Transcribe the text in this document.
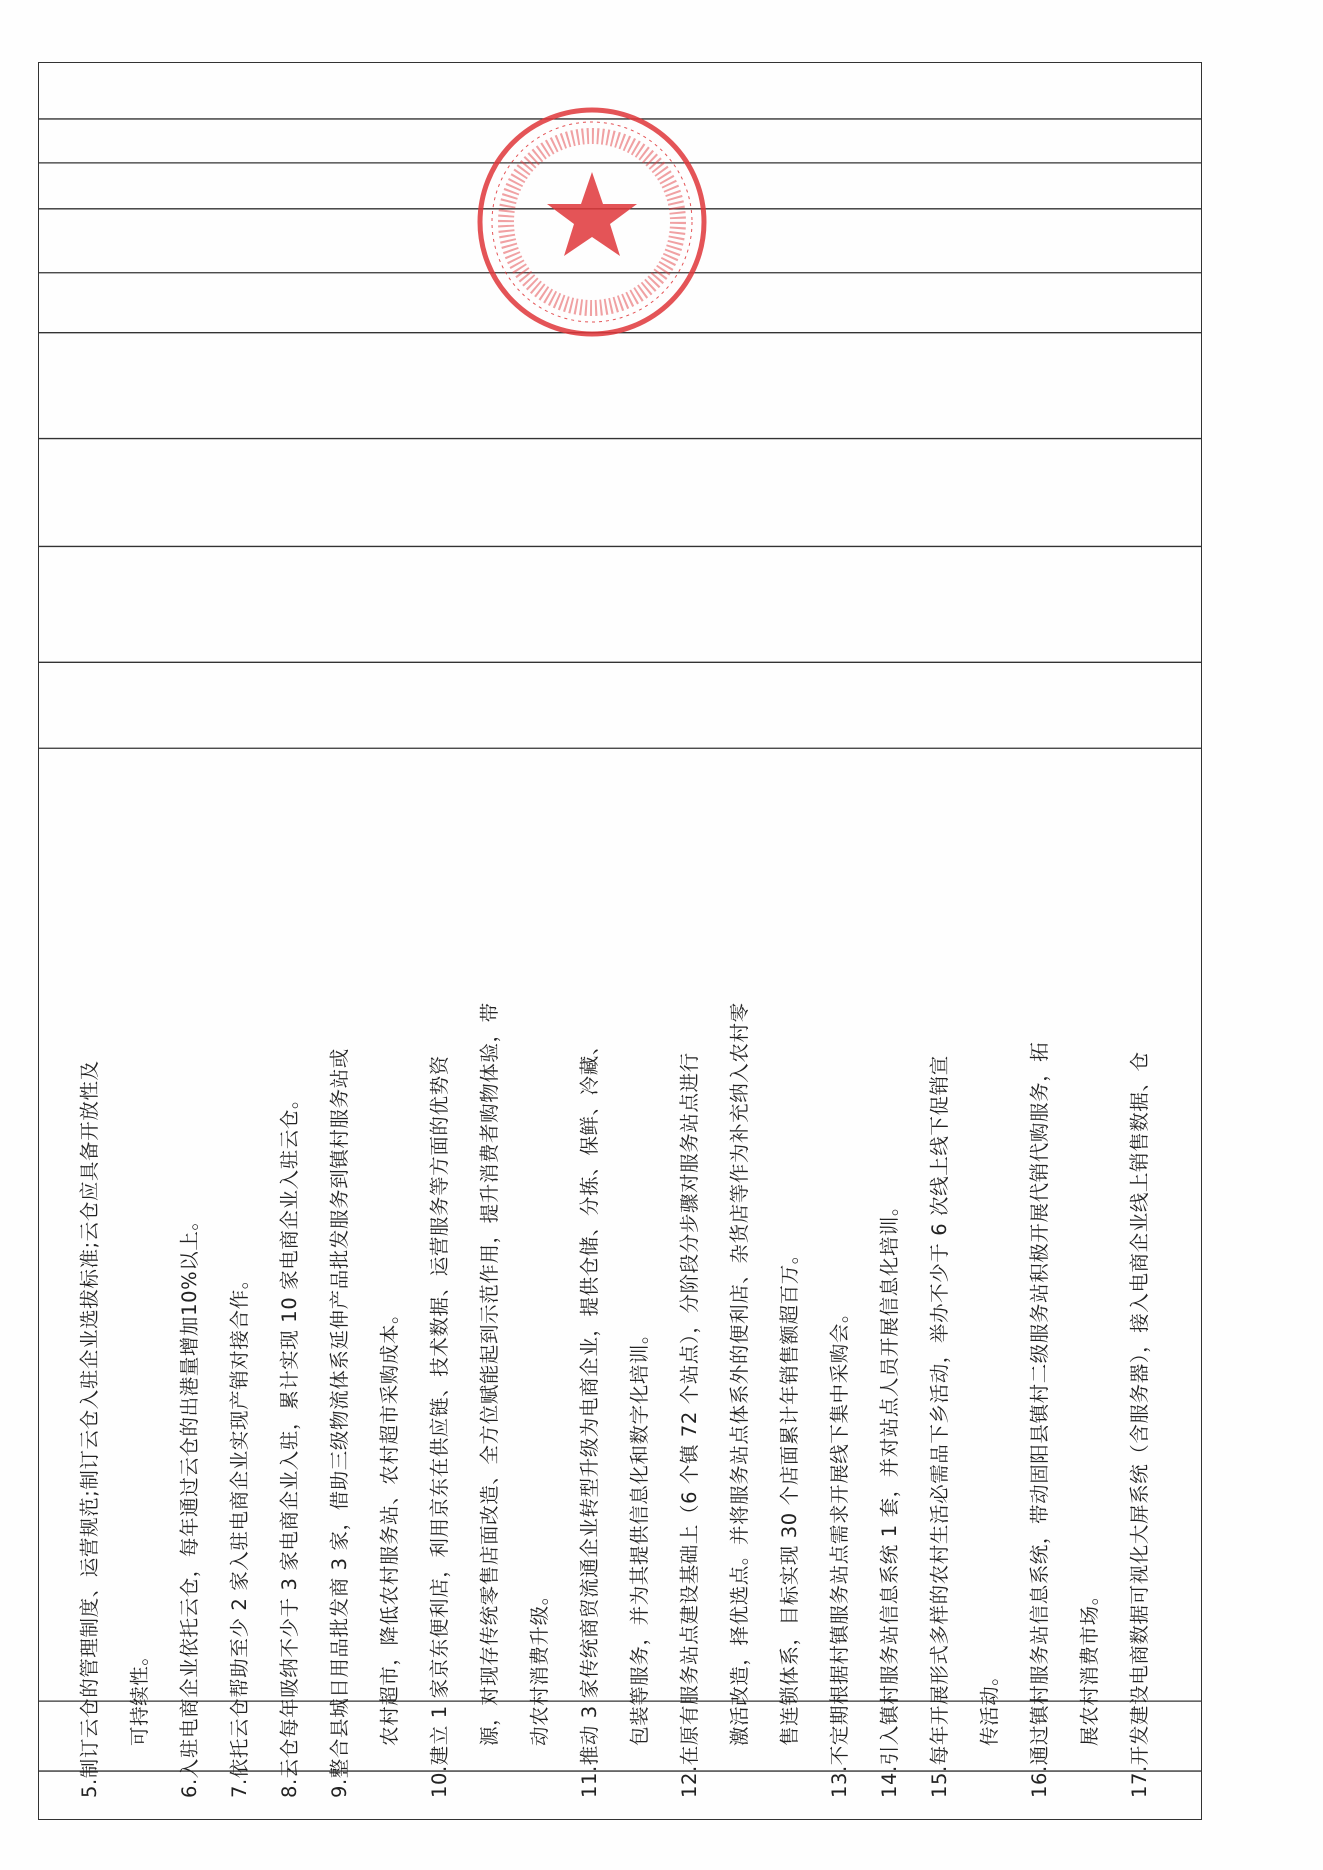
5.制订云仓的管理制度、运营规范;制订云仓入驻企业选拔标准;云仓应具备开放性及 可持续性。 6.入驻电商企业依托云仓，每年通过云仓的出港量增加10%以上。 7.依托云仓帮助至少 2 家入驻电商企业实现产销对接合作。 8.云仓每年吸纳不少于 3 家电商企业入驻，累计实现 10 家电商企业入驻云仓。 9.整合县城日用品批发商 3 家，借助三级物流体系延伸产品批发服务到镇村服务站或 农村超市，降低农村服务站、农村超市采购成本。 10.建立 1 家京东便利店，利用京东在供应链、技术数据、运营服务等方面的优势资 源，对现存传统零售店面改造、全方位赋能起到示范作用，提升消费者购物体验，带 动农村消费升级。 11.推动 3 家传统商贸流通企业转型升级为电商企业，提供仓储、分拣、保鲜、冷藏、 包装等服务，并为其提供信息化和数字化培训。 12.在原有服务站点建设基础上（6 个镇 72 个站点），分阶段分步骤对服务站点进行 激活改造，择优选点。并将服务站点体系外的便利店、杂货店等作为补充纳入农村零 售连锁体系，目标实现 30 个店面累计年销售额超百万。 13.不定期根据村镇服务站点需求开展线下集中采购会。 14.引入镇村服务站信息系统 1 套，并对站点人员开展信息化培训。 15.每年开展形式多样的农村生活必需品下乡活动，举办不少于 6 次线上线下促销宣 传活动。 16.通过镇村服务站信息系统，带动固阳县镇村二级服务站积极开展代销代购服务，拓 展农村消费市场。 17.开发建设电商数据可视化大屏系统（含服务器），接入电商企业线上销售数据、仓
